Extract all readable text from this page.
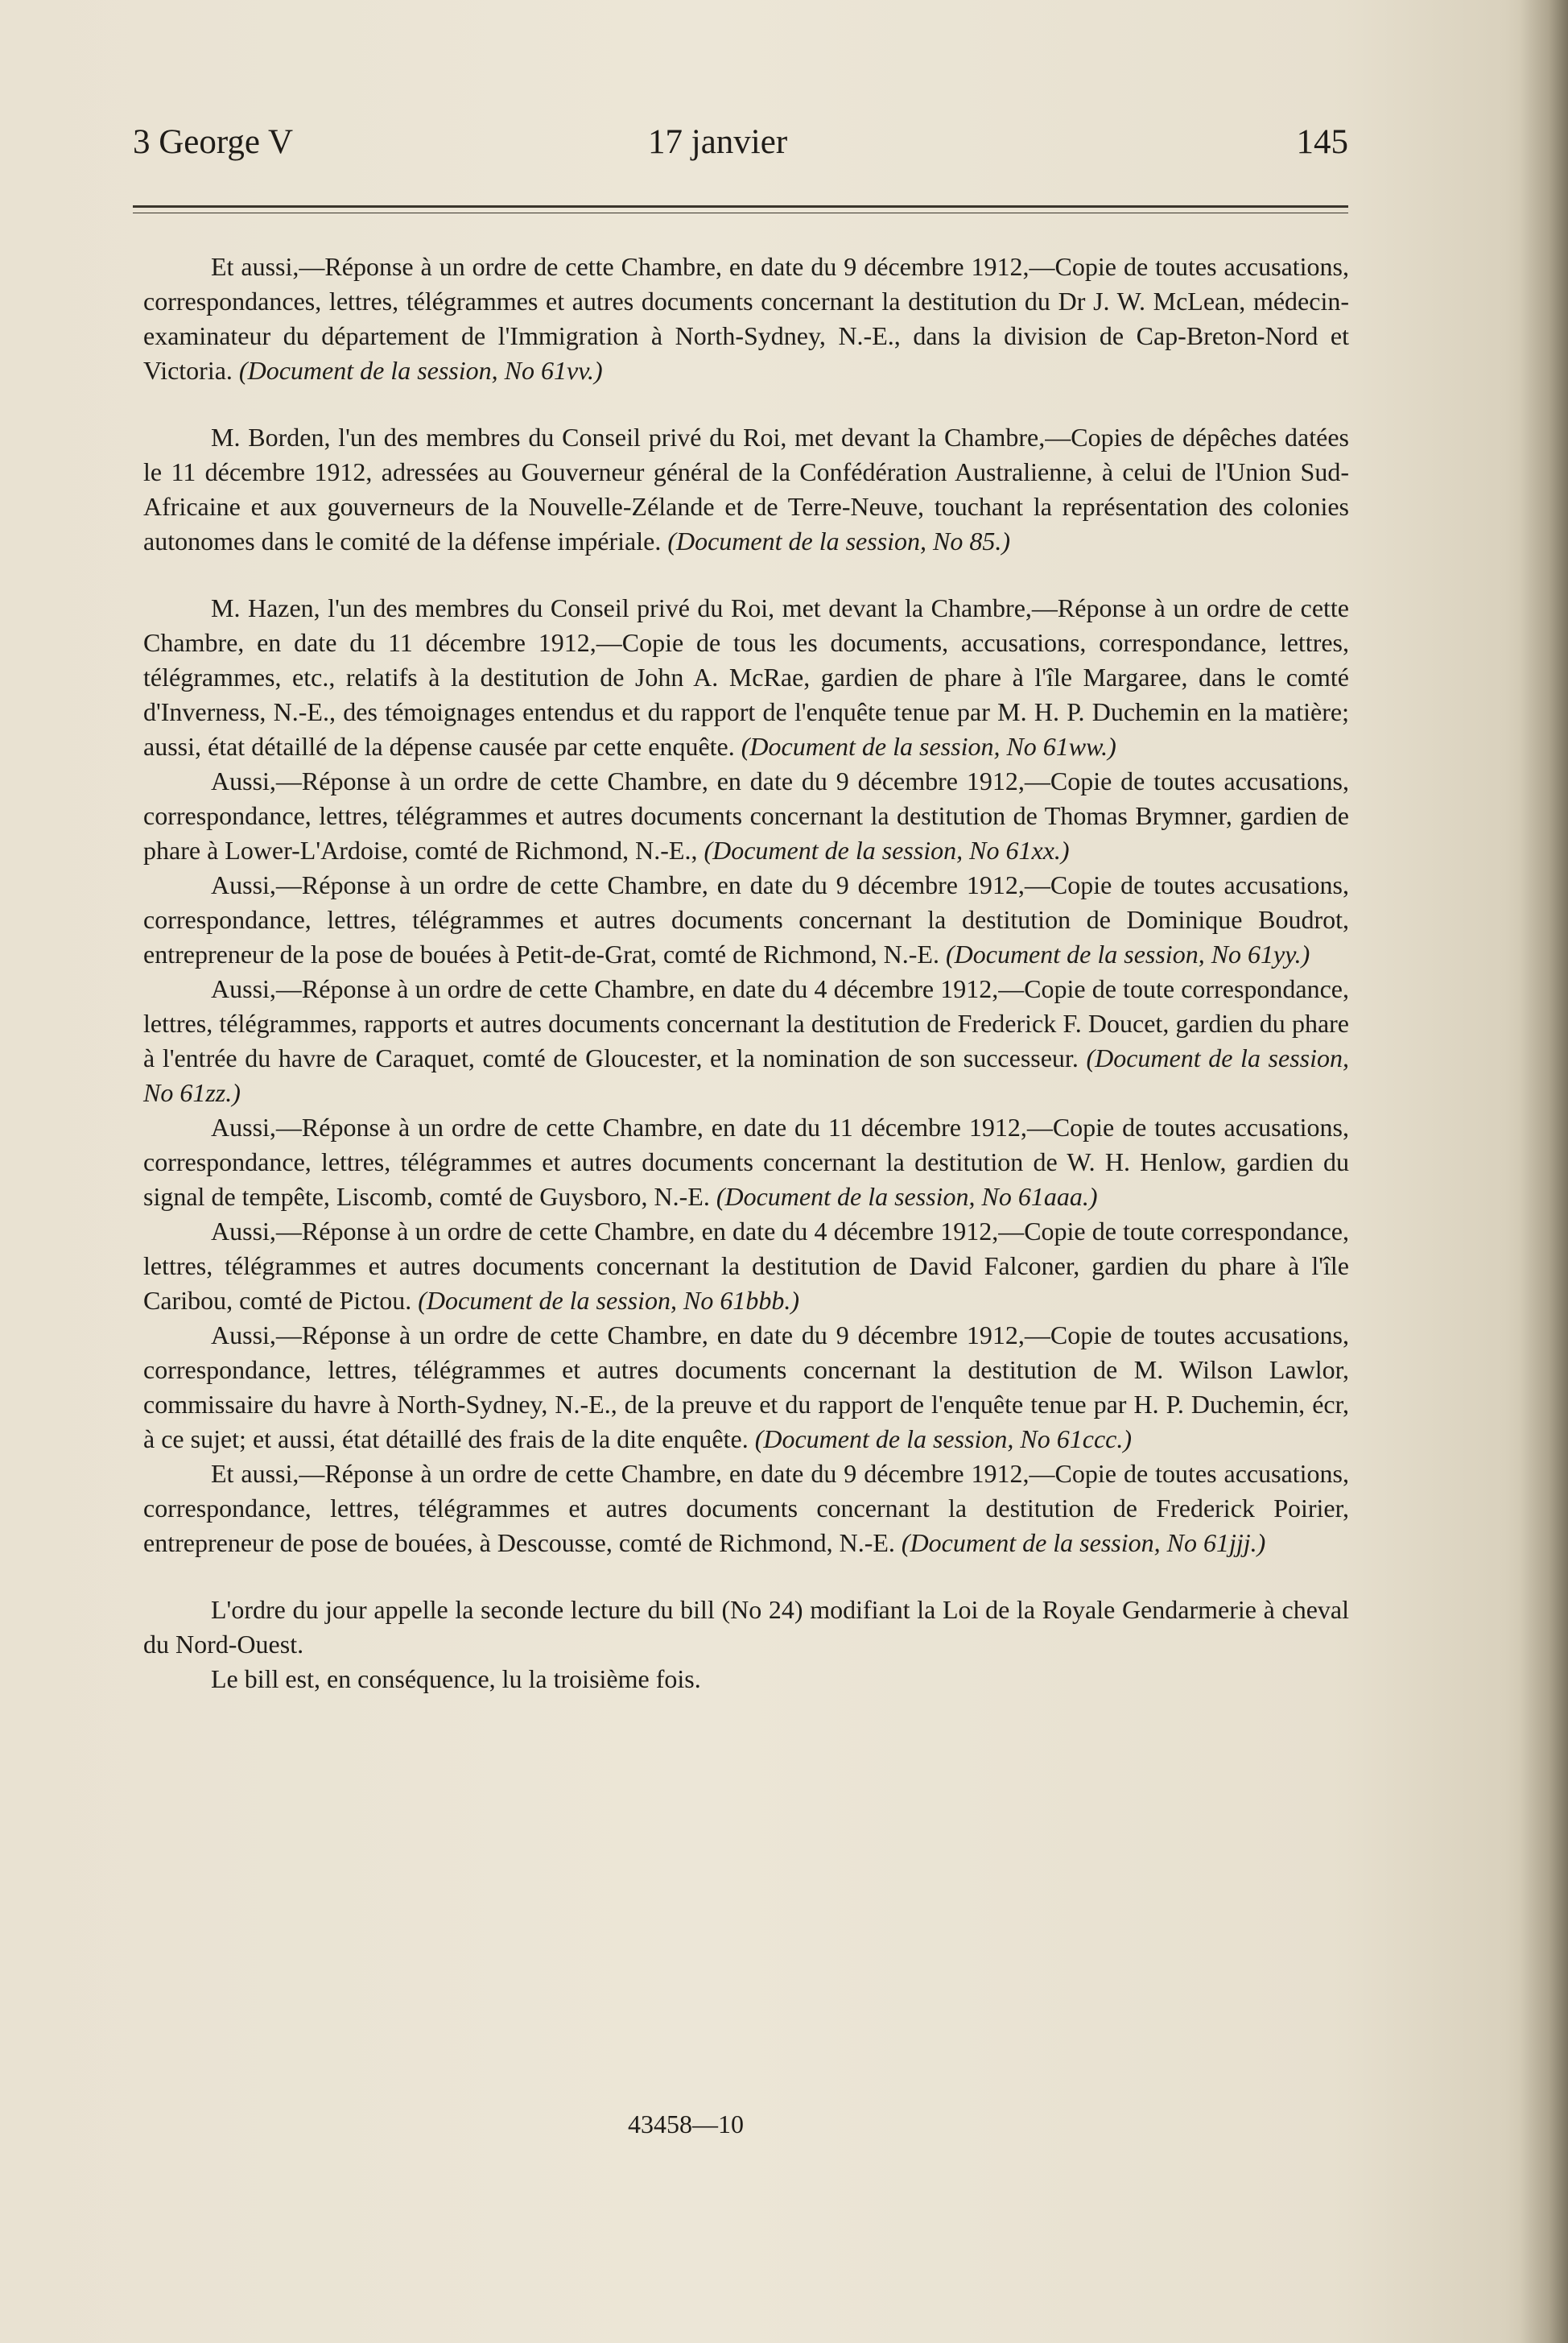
3 George V	17 janvier	145

Et aussi,—Réponse à un ordre de cette Chambre, en date du 9 décembre 1912,—Copie de toutes accusations, correspondances, lettres, télégrammes et autres documents concernant la destitution du Dr J. W. McLean, médecin-examinateur du département de l'Immigration à North-Sydney, N.-E., dans la division de Cap-Breton-Nord et Victoria. (Document de la session, No 61vv.)

M. Borden, l'un des membres du Conseil privé du Roi, met devant la Chambre,—Copies de dépêches datées le 11 décembre 1912, adressées au Gouverneur général de la Confédération Australienne, à celui de l'Union Sud-Africaine et aux gouverneurs de la Nouvelle-Zélande et de Terre-Neuve, touchant la représentation des colonies autonomes dans le comité de la défense impériale. (Document de la session, No 85.)

M. Hazen, l'un des membres du Conseil privé du Roi, met devant la Chambre,—Réponse à un ordre de cette Chambre, en date du 11 décembre 1912,—Copie de tous les documents, accusations, correspondance, lettres, télégrammes, etc., relatifs à la destitution de John A. McRae, gardien de phare à l'île Margaree, dans le comté d'Inverness, N.-E., des témoignages entendus et du rapport de l'enquête tenue par M. H. P. Duchemin en la matière; aussi, état détaillé de la dépense causée par cette enquête. (Document de la session, No 61ww.)

Aussi,—Réponse à un ordre de cette Chambre, en date du 9 décembre 1912,—Copie de toutes accusations, correspondance, lettres, télégrammes et autres documents concernant la destitution de Thomas Brymner, gardien de phare à Lower-L'Ardoise, comté de Richmond, N.-E., (Document de la session, No 61xx.)

Aussi,—Réponse à un ordre de cette Chambre, en date du 9 décembre 1912,—Copie de toutes accusations, correspondance, lettres, télégrammes et autres documents concernant la destitution de Dominique Boudrot, entrepreneur de la pose de bouées à Petit-de-Grat, comté de Richmond, N.-E. (Document de la session, No 61yy.)

Aussi,—Réponse à un ordre de cette Chambre, en date du 4 décembre 1912,—Copie de toute correspondance, lettres, télégrammes, rapports et autres documents concernant la destitution de Frederick F. Doucet, gardien du phare à l'entrée du havre de Caraquet, comté de Gloucester, et la nomination de son successeur. (Document de la session, No 61zz.)

Aussi,—Réponse à un ordre de cette Chambre, en date du 11 décembre 1912,—Copie de toutes accusations, correspondance, lettres, télégrammes et autres documents concernant la destitution de W. H. Henlow, gardien du signal de tempête, Liscomb, comté de Guysboro, N.-E. (Document de la session, No 61aaa.)

Aussi,—Réponse à un ordre de cette Chambre, en date du 4 décembre 1912,—Copie de toute correspondance, lettres, télégrammes et autres documents concernant la destitution de David Falconer, gardien du phare à l'île Caribou, comté de Pictou. (Document de la session, No 61bbb.)

Aussi,—Réponse à un ordre de cette Chambre, en date du 9 décembre 1912,—Copie de toutes accusations, correspondance, lettres, télégrammes et autres documents concernant la destitution de M. Wilson Lawlor, commissaire du havre à North-Sydney, N.-E., de la preuve et du rapport de l'enquête tenue par H. P. Duchemin, écr, à ce sujet; et aussi, état détaillé des frais de la dite enquête. (Document de la session, No 61ccc.)

Et aussi,—Réponse à un ordre de cette Chambre, en date du 9 décembre 1912,—Copie de toutes accusations, correspondance, lettres, télégrammes et autres documents concernant la destitution de Frederick Poirier, entrepreneur de pose de bouées, à Descousse, comté de Richmond, N.-E. (Document de la session, No 61jjj.)

L'ordre du jour appelle la seconde lecture du bill (No 24) modifiant la Loi de la Royale Gendarmerie à cheval du Nord-Ouest.

Le bill est, en conséquence, lu la troisième fois.

43458—10
